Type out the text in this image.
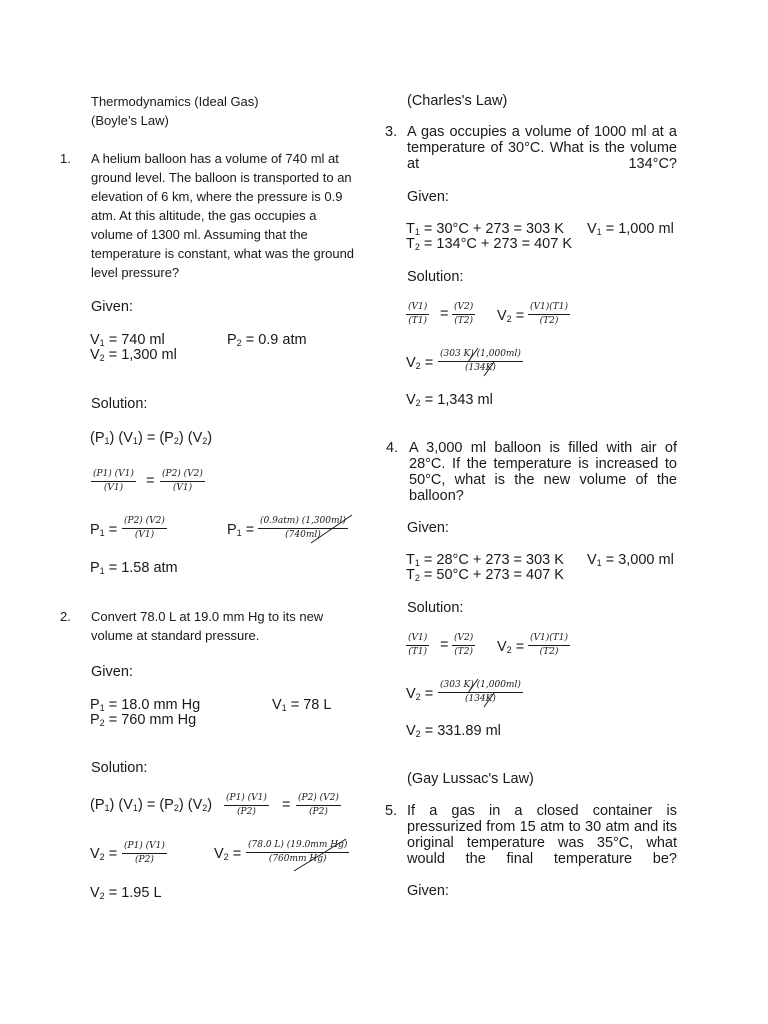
Thermodynamics (Ideal Gas)
(Boyle’s Law)
1. A helium balloon has a volume of 740 ml at ground level. The balloon is transported to an elevation of 6 km, where the pressure is 0.9 atm. At this altitude, the gas occupies a volume of 1300 ml. Assuming that the temperature is constant, what was the ground level pressure?
Given:
$V_1 = 740$ ml	$P_2 = 0.9$ atm
$V_2 = 1,300$ ml
Solution:
$(P_1) (V_1) = (P_2)$ $(V_2)$
(P1) (V1)
(V1) = (P2) (V2)
(V1)
$P_1$ =
(P2) (V2)
(V1)	$P_1$ =
(0.9atm) (1,300ml)
(740ml)
$P_1 = 1.58$ atm
2. Convert 78.0 L at 19.0 mm Hg to its new volume at standard pressure.
Given:
$P_1 = 18.0$ mm Hg	$V_1 = 78$ L
$P_2 = 760$ mm Hg
Solution:
$(P_1) (V_1) = (P_2)$ $(V_2)$ (P1) (V1)
(P2) = (P2) (V2)
(P2)
$V_2 = (P1)$ (V1)
(P2)	$V_2$ =
(78.0 L) (19.0mm Hg)
(760mm Hg)
$V_2 = 1.95$ L
(Charles's Law)
3. A gas occupies a volume of 1000 ml at a temperature of 30°C. What is the volume at 134°C?
Given:
$T_1 = 30^\circ C + 273 = 303$ K $V_1 = 1,000$ ml
$T_2 = 134^\circ C + 273 = 407$ K
Solution:
(V1)
(T1) = (V2)
(T2) $V_2$ =
(V1)(T1)
(T2)
$V_2$ =
(303 K) (1,000ml)
(134K)
$V_2 = 1,343$ ml
4. A 3,000 ml balloon is filled with air of 28°C. If the temperature is increased to 50°C, what is the new volume of the balloon?
Given:
$T_1 = 28^\circ C + 273 = 303$ K $V_1 = 3,000$ ml
$T_2 = 50^\circ C + 273 = 407$ K
Solution:
(V1)
(T1) = (V2)
(T2) $V_2$ =
(V1)(T1)
(T2)
$V_2$ =
(303 K) (1,000ml)
(134K)
$V_2 = 331.89$ ml
(Gay Lussac's Law)
5. If a gas in a closed container is pressurized from 15 atm to 30 atm and its original temperature was 35°C, what would the final temperature be?
Given:
